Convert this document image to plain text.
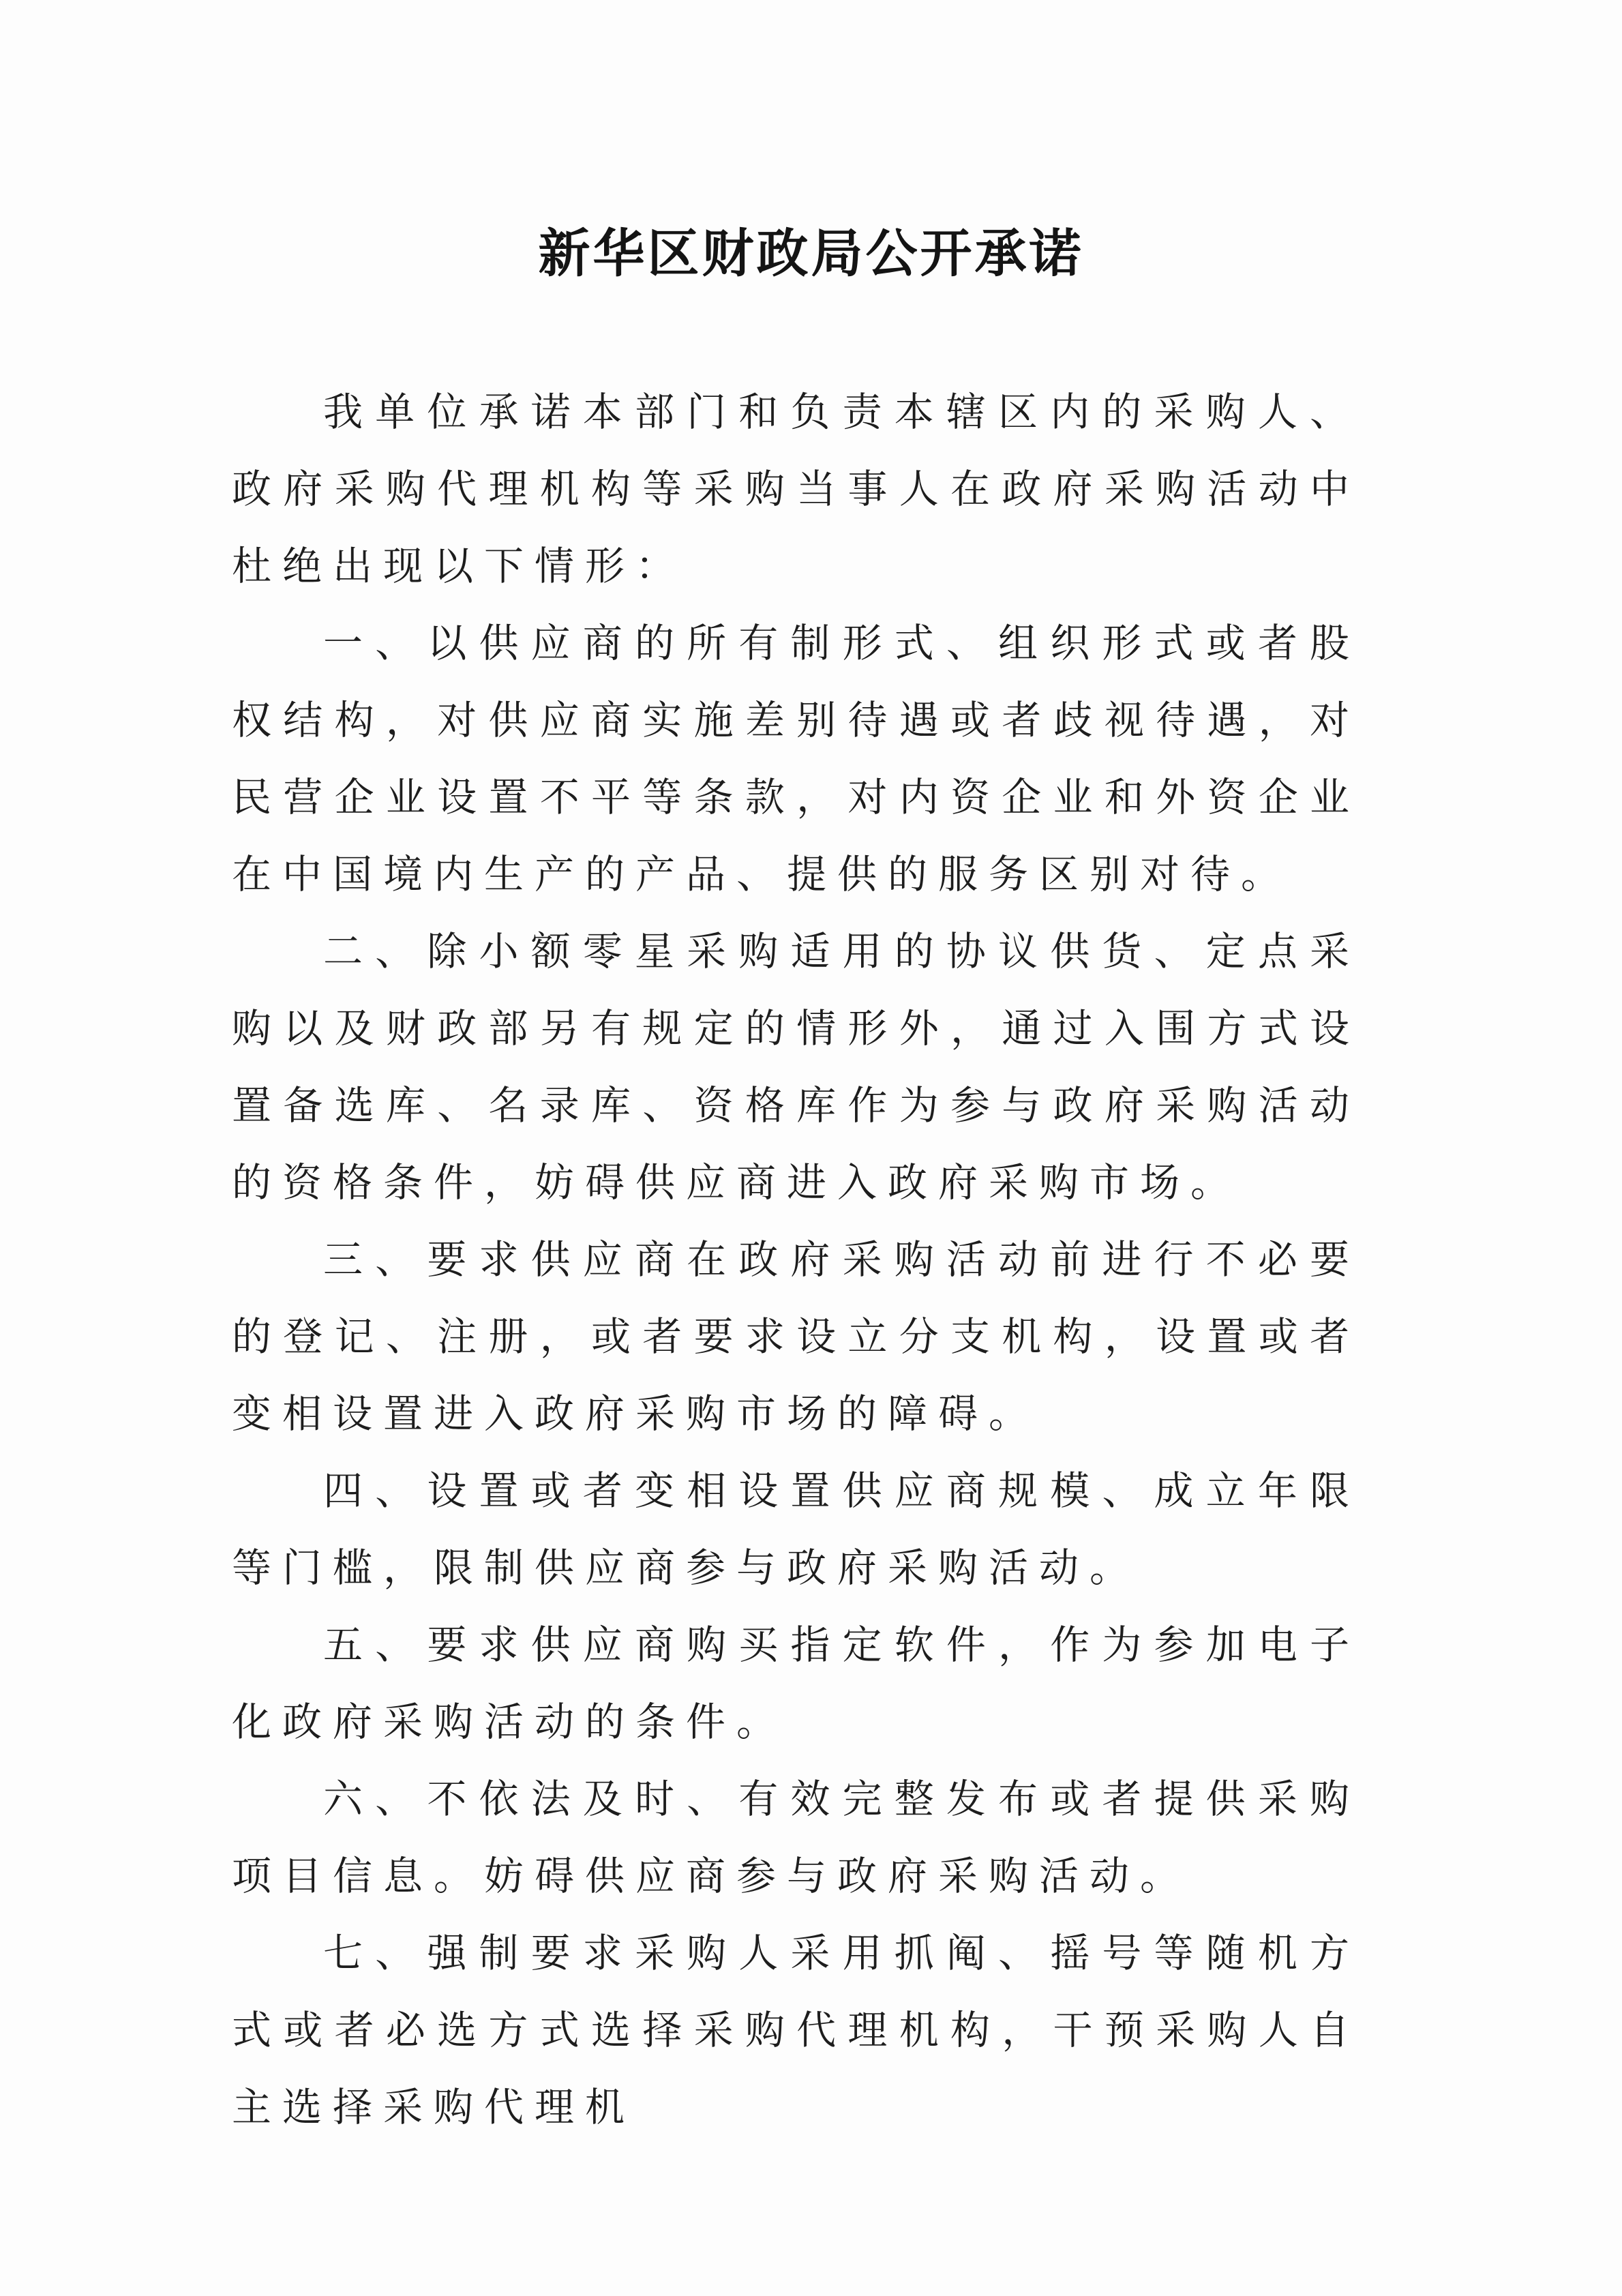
新华区财政局公开承诺

我单位承诺本部门和负责本辖区内的采购人、政府采购代理机构等采购当事人在政府采购活动中杜绝出现以下情形：

一、以供应商的所有制形式、组织形式或者股权结构，对供应商实施差别待遇或者歧视待遇，对民营企业设置不平等条款，对内资企业和外资企业在中国境内生产的产品、提供的服务区别对待。

二、除小额零星采购适用的协议供货、定点采购以及财政部另有规定的情形外，通过入围方式设置备选库、名录库、资格库作为参与政府采购活动的资格条件，妨碍供应商进入政府采购市场。

三、要求供应商在政府采购活动前进行不必要的登记、注册，或者要求设立分支机构，设置或者变相设置进入政府采购市场的障碍。

四、设置或者变相设置供应商规模、成立年限等门槛，限制供应商参与政府采购活动。

五、要求供应商购买指定软件，作为参加电子化政府采购活动的条件。

六、不依法及时、有效完整发布或者提供采购项目信息。妨碍供应商参与政府采购活动。

七、强制要求采购人采用抓阄、摇号等随机方式或者必选方式选择采购代理机构，干预采购人自主选择采购代理机
